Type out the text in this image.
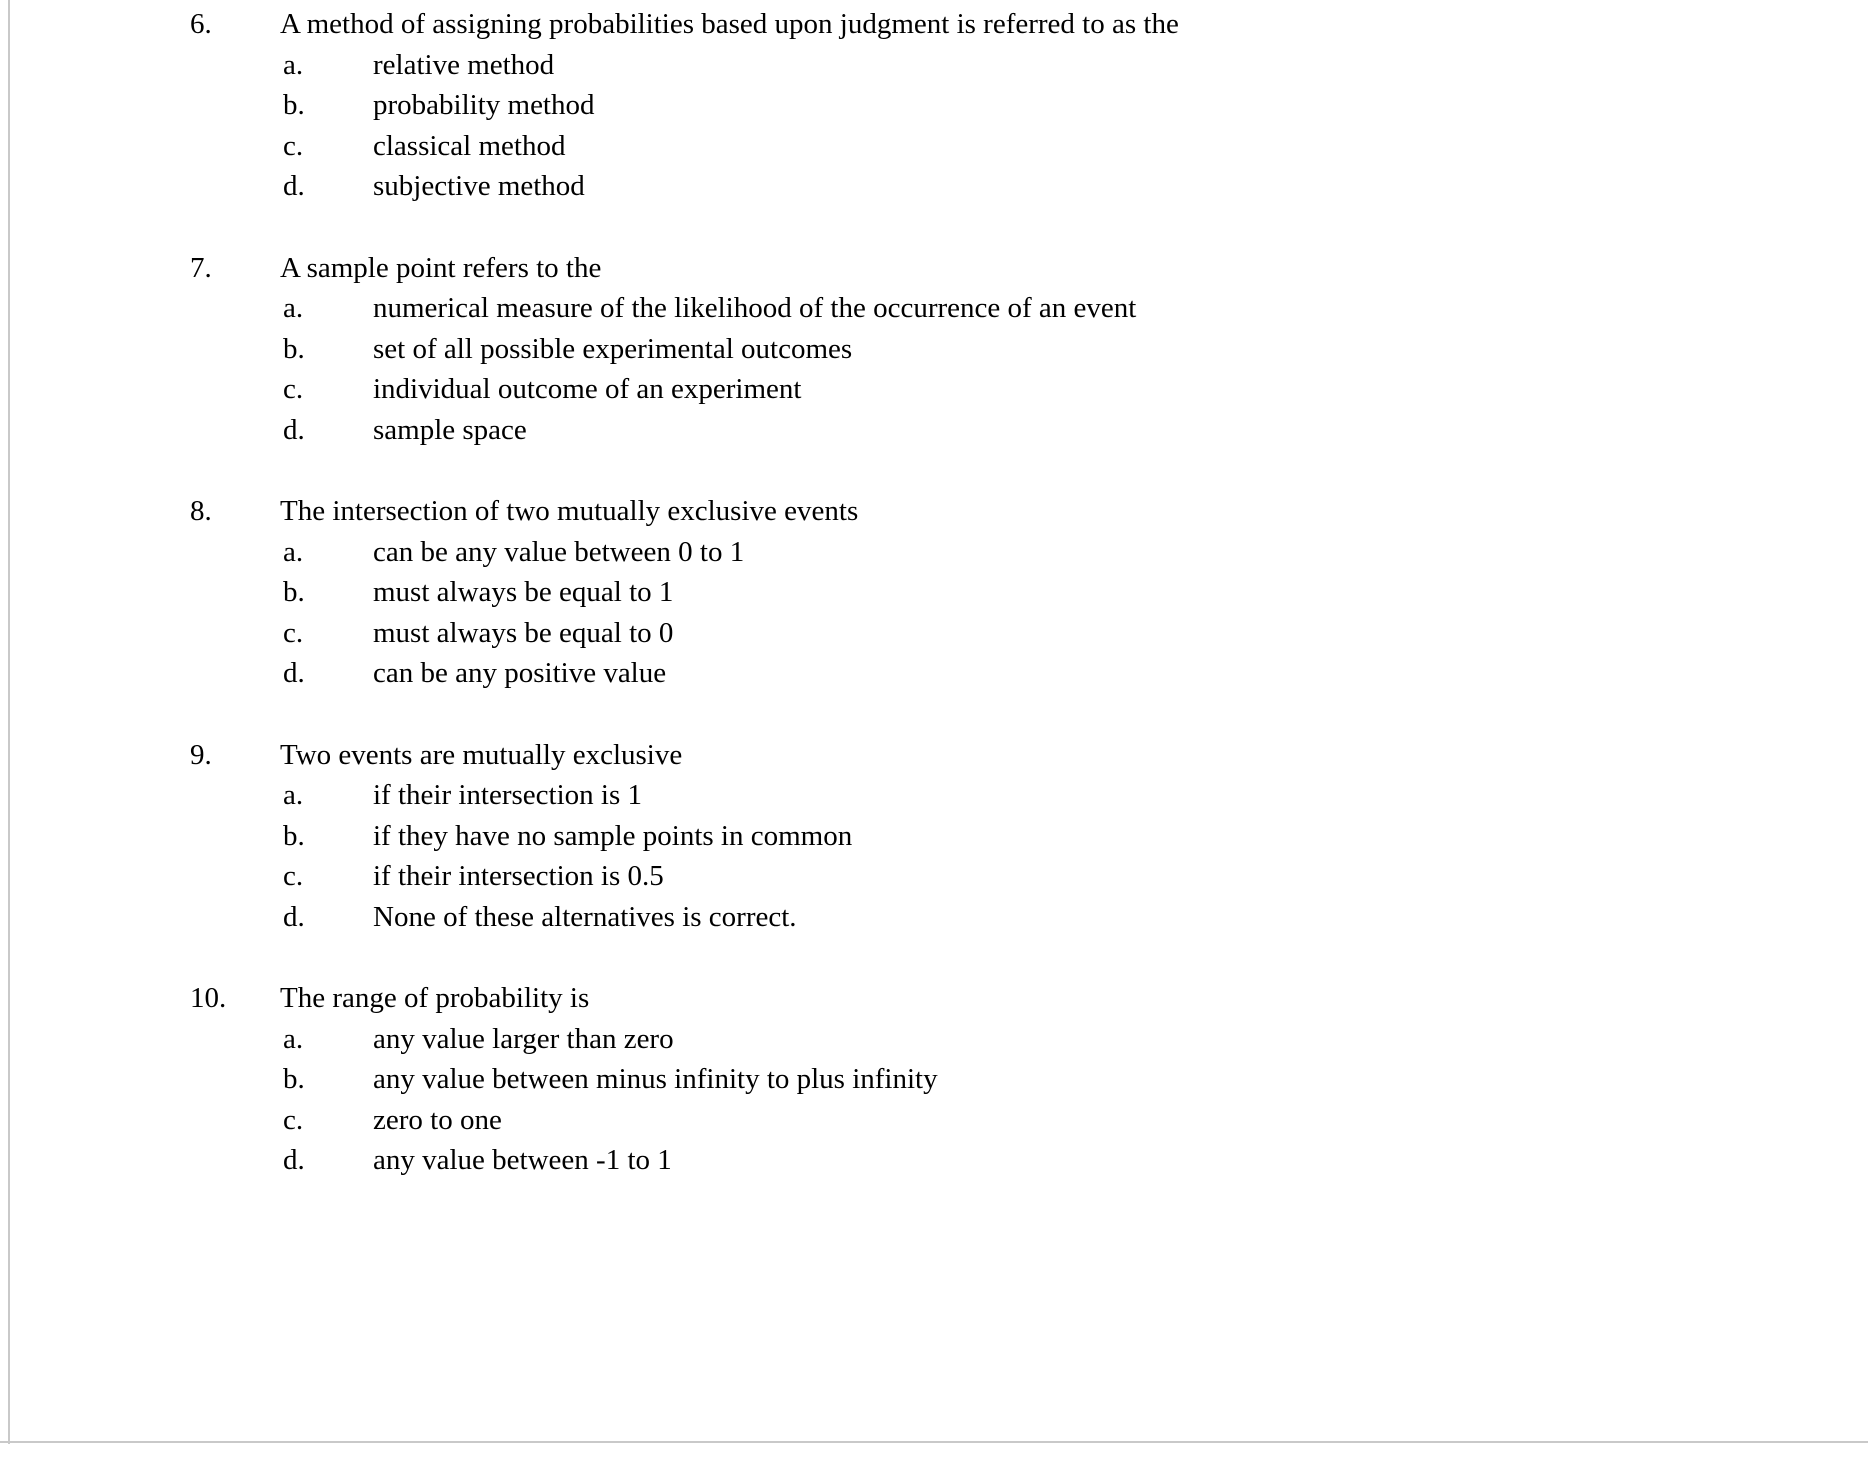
6.	A method of assigning probabilities based upon judgment is referred to as the
a.	relative method
b.	probability method
c.	classical method
d.	subjective method
7.	A sample point refers to the
a.	numerical measure of the likelihood of the occurrence of an event
b.	set of all possible experimental outcomes
c.	individual outcome of an experiment
d.	sample space
8.	The intersection of two mutually exclusive events
a.	can be any value between 0 to 1
b.	must always be equal to 1
c.	must always be equal to 0
d.	can be any positive value
9.	Two events are mutually exclusive
a.	if their intersection is 1
b.	if they have no sample points in common
c.	if their intersection is 0.5
d.	None of these alternatives is correct.
10.	The range of probability is
a.	any value larger than zero
b.	any value between minus infinity to plus infinity
c.	zero to one
d.	any value between -1 to 1
